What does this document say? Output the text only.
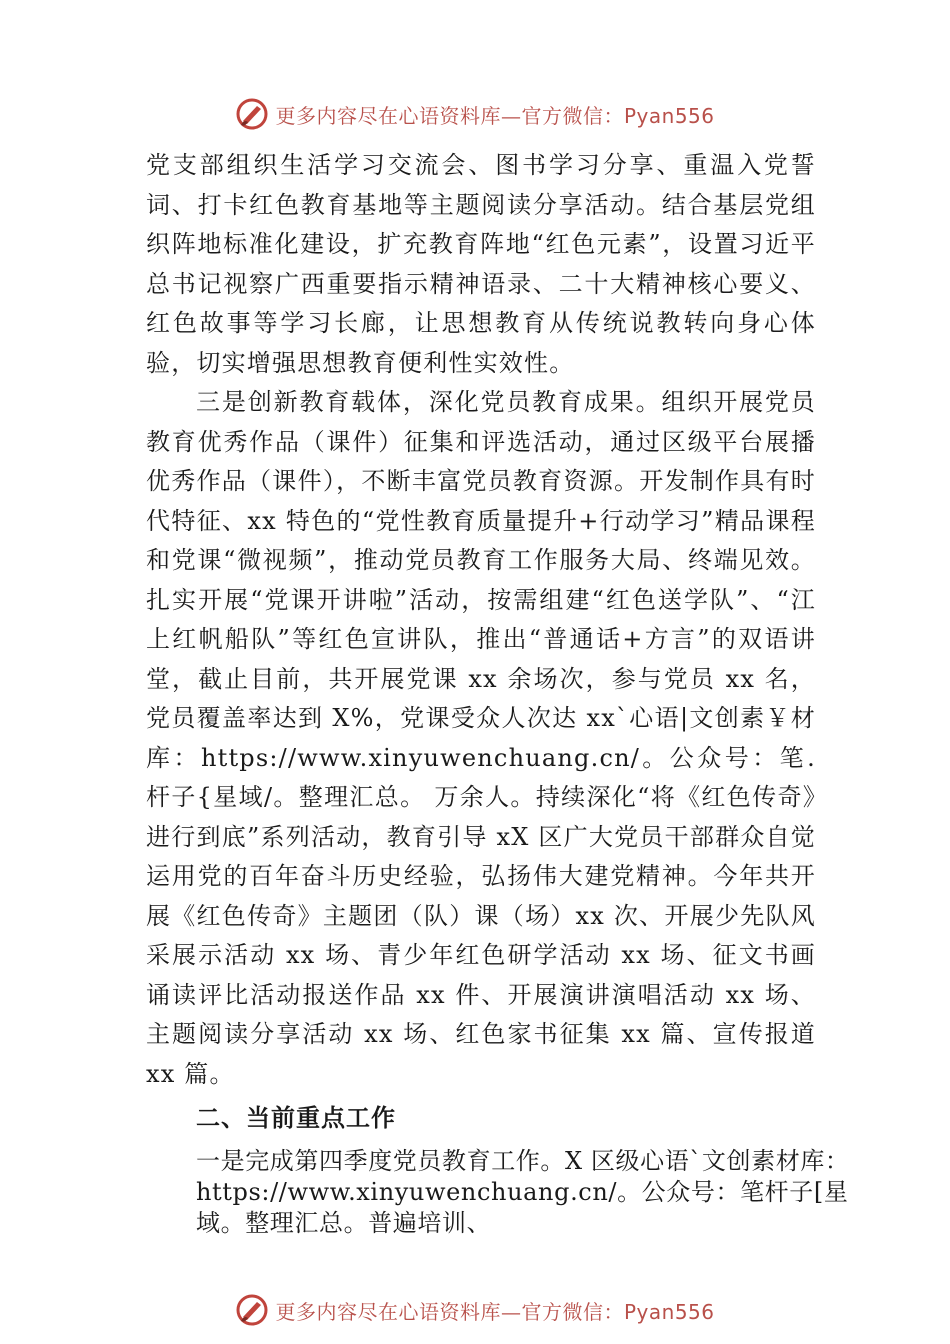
更多内容尽在心语资料库—官方微信：Pyan556

党支部组织生活学习交流会、图书学习分享、重温入党誓词、打卡红色教育基地等主题阅读分享活动。结合基层党组织阵地标准化建设，扩充教育阵地“红色元素”，设置习近平总书记视察广西重要指示精神语录、二十大精神核心要义、红色故事等学习长廊，让思想教育从传统说教转向身心体验，切实增强思想教育便利性实效性。

三是创新教育载体，深化党员教育成果。组织开展党员教育优秀作品（课件）征集和评选活动，通过区级平台展播优秀作品（课件），不断丰富党员教育资源。开发制作具有时代特征、xx 特色的“党性教育质量提升+行动学习”精品课程和党课“微视频”，推动党员教育工作服务大局、终端见效。扎实开展“党课开讲啦”活动，按需组建“红色送学队”、“江上红帆船队”等红色宣讲队，推出“普通话+方言”的双语讲堂，截止目前，共开展党课 xx 余场次，参与党员 xx 名，党员覆盖率达到 X%，党课受众人次达 xx`心语|文创素￥材库：https://www.xinyuwenchuang.cn/。公众号：笔.杆子{星域/。整理汇总。 万余人。持续深化“将《红色传奇》进行到底”系列活动，教育引导 xX 区广大党员干部群众自觉运用党的百年奋斗历史经验，弘扬伟大建党精神。今年共开展《红色传奇》主题团（队）课（场）xx 次、开展少先队风采展示活动 xx 场、青少年红色研学活动 xx 场、征文书画诵读评比活动报送作品 xx 件、开展演讲演唱活动 xx 场、主题阅读分享活动 xx 场、红色家书征集 xx 篇、宣传报道 xx 篇。

二、当前重点工作

一是完成第四季度党员教育工作。X 区级心语`文创素材库：https://www.xinyuwenchuang.cn/。公众号：笔杆子[星域。整理汇总。普遍培训、

更多内容尽在心语资料库—官方微信：Pyan556
